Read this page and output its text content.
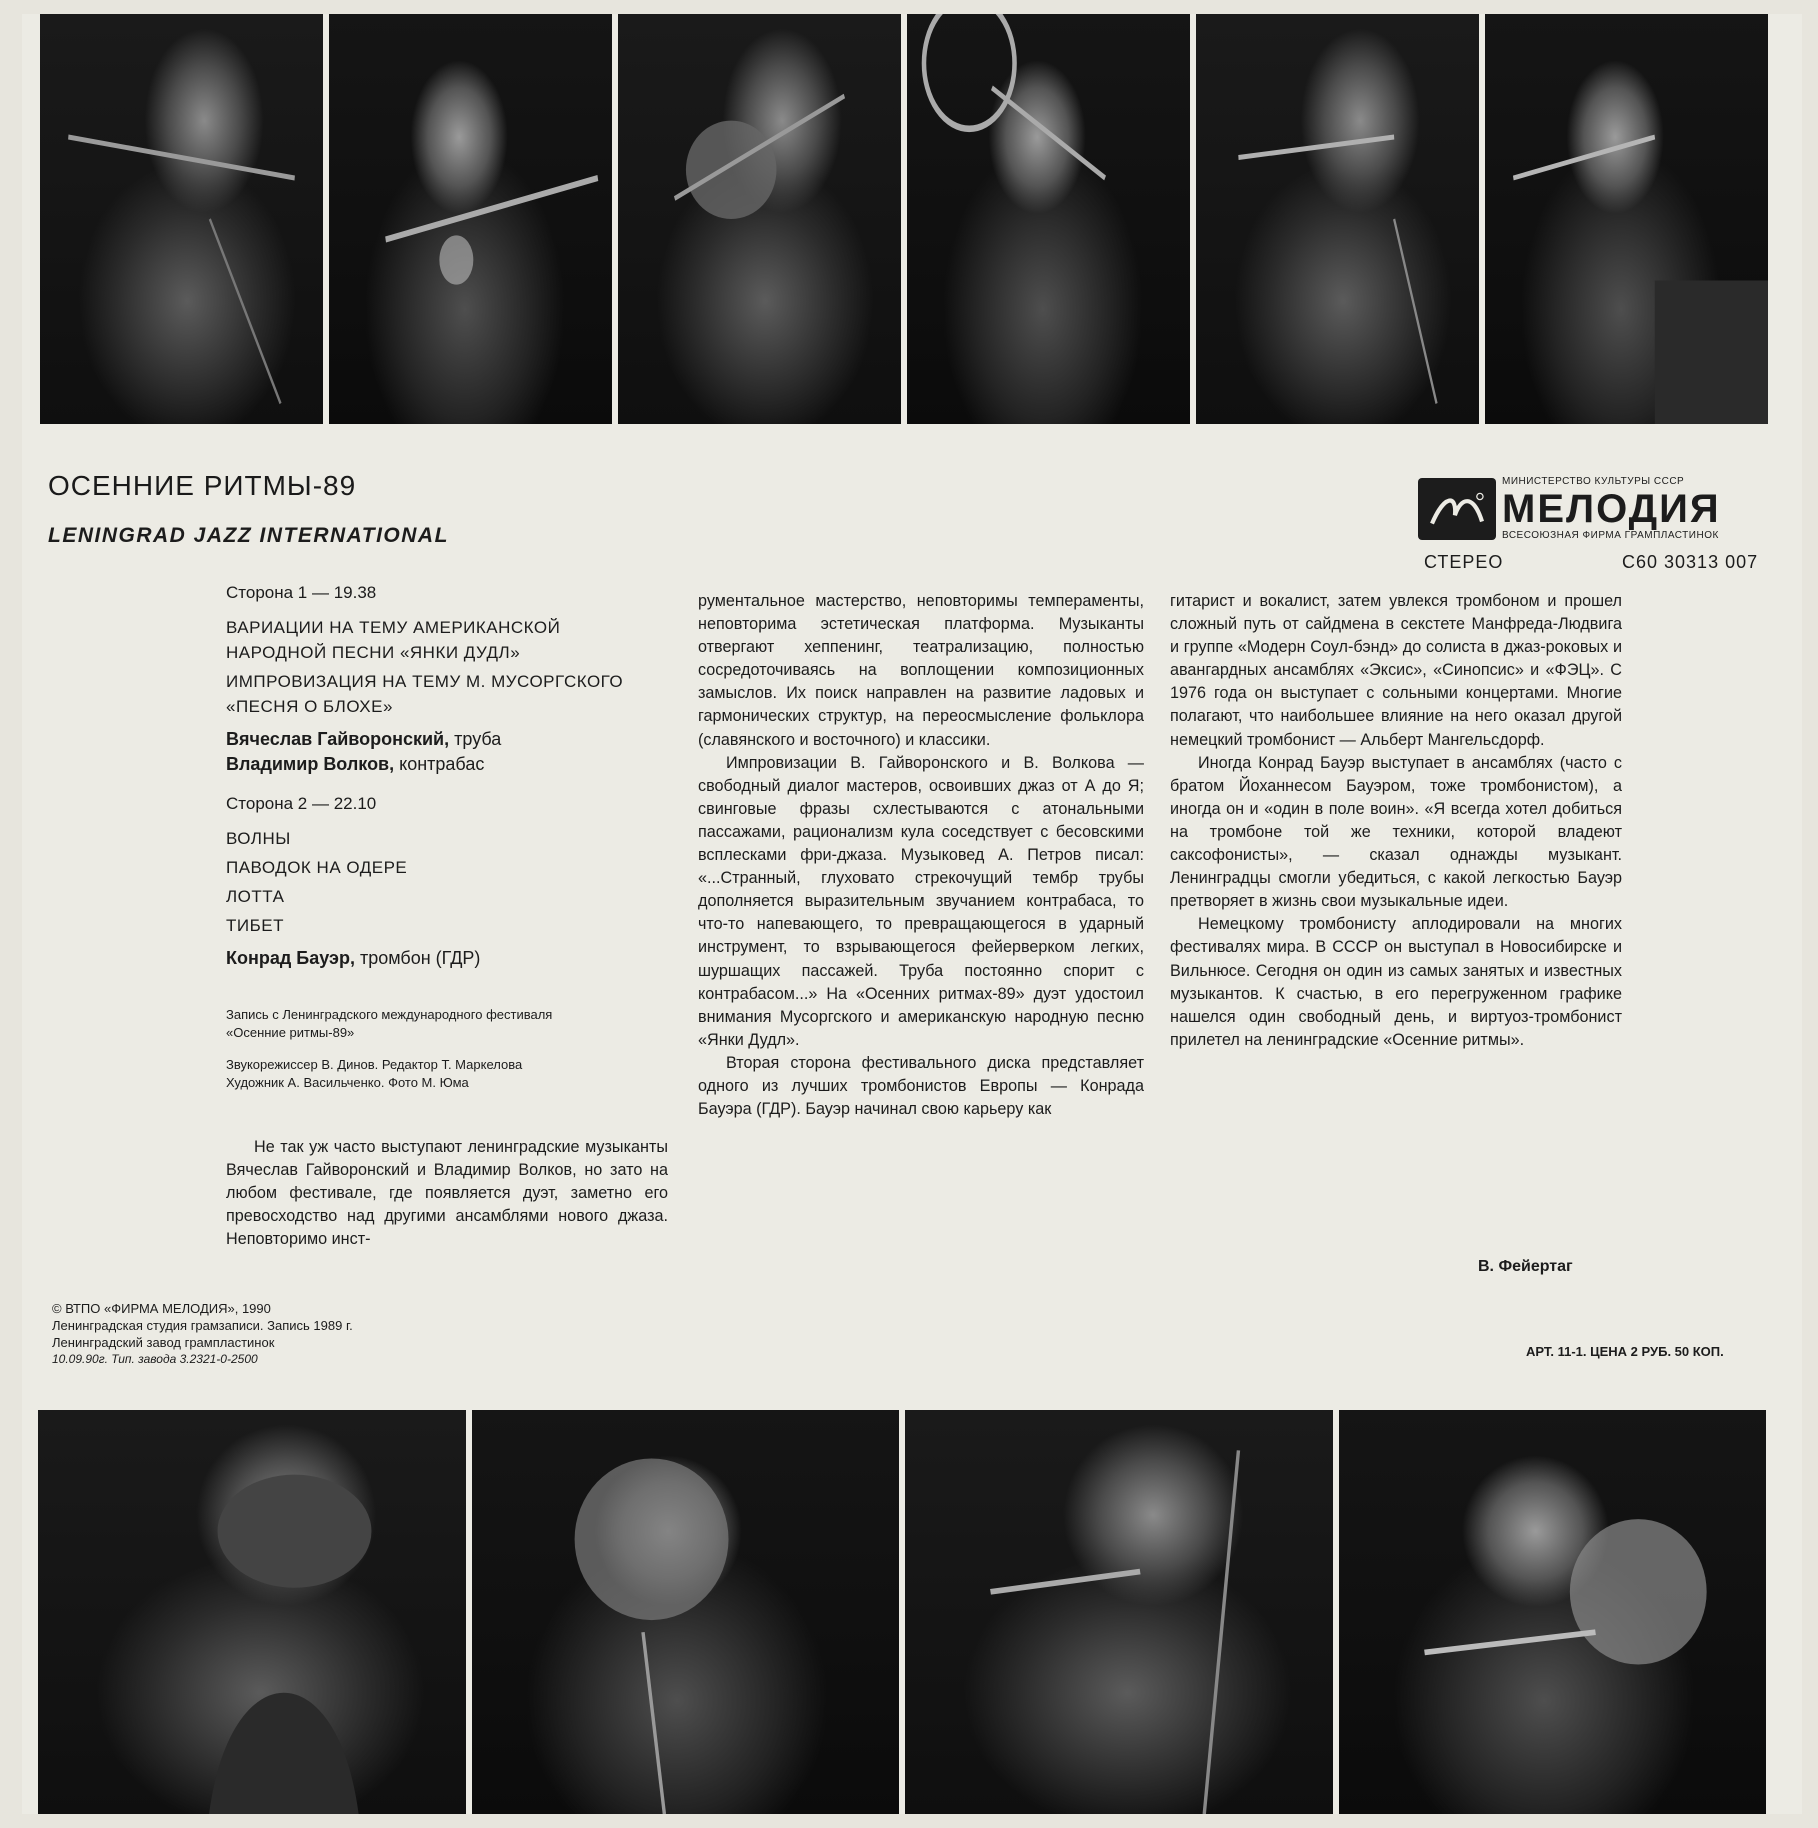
ОСЕННИЕ РИТМЫ-89
LENINGRAD JAZZ INTERNATIONAL
МИНИСТЕРСТВО КУЛЬТУРЫ СССР
МЕЛОДИЯ
ВСЕСОЮЗНАЯ ФИРМА ГРАМПЛАСТИНОК
СТЕРЕО	С60 30313 007
Сторона 1 — 19.38
ВАРИАЦИИ НА ТЕМУ АМЕРИКАНСКОЙ НАРОДНОЙ ПЕСНИ «ЯНКИ ДУДЛ»
ИМПРОВИЗАЦИЯ НА ТЕМУ М. МУСОРГСКОГО «ПЕСНЯ О БЛОХЕ»
Вячеслав Гайворонский, труба
Владимир Волков, контрабас
Сторона 2 — 22.10
ВОЛНЫ
ПАВОДОК НА ОДЕРЕ
ЛОТТА
ТИБЕТ
Конрад Бауэр, тромбон (ГДР)
Запись с Ленинградского международного фестиваля «Осенние ритмы-89»
Звукорежиссер В. Динов. Редактор Т. Маркелова
Художник А. Васильченко. Фото М. Юма

Не так уж часто выступают ленинградские музыканты Вячеслав Гайворонский и Владимир Волков, но зато на любом фестивале, где появляется дуэт, заметно его превосходство над другими ансамблями нового джаза. Неповторимо инст-

рументальное мастерство, неповторимы темпераменты, неповторима эстетическая платформа. Музыканты отвергают хеппенинг, театрализацию, полностью сосредоточиваясь на воплощении композиционных замыслов. Их поиск направлен на развитие ладовых и гармонических структур, на переосмысление фольклора (славянского и восточного) и классики.

Импровизации В. Гайворонского и В. Волкова — свободный диалог мастеров, освоивших джаз от А до Я; свинговые фразы схлестываются с атональными пассажами, рационализм кула соседствует с бесовскими всплесками фри-джаза. Музыковед А. Петров писал: «...Странный, глуховато стрекочущий тембр трубы дополняется выразительным звучанием контрабаса, то что-то напевающего, то превращающегося в ударный инструмент, то взрывающегося фейерверком легких, шуршащих пассажей. Труба постоянно спорит с контрабасом...» На «Осенних ритмах-89» дуэт удостоил внимания Мусоргского и американскую народную песню «Янки Дудл».

Вторая сторона фестивального диска представляет одного из лучших тромбонистов Европы — Конрада Бауэра (ГДР). Бауэр начинал свою карьеру как

гитарист и вокалист, затем увлекся тромбоном и прошел сложный путь от сайдмена в секстете Манфреда-Людвига и группе «Модерн Соул-бэнд» до солиста в джаз-роковых и авангардных ансамблях «Эксис», «Синопсис» и «ФЭЦ». С 1976 года он выступает с сольными концертами. Многие полагают, что наибольшее влияние на него оказал другой немецкий тромбонист — Альберт Мангельсдорф.

Иногда Конрад Бауэр выступает в ансамблях (часто с братом Йоханнесом Бауэром, тоже тромбонистом), а иногда он и «один в поле воин». «Я всегда хотел добиться на тромбоне той же техники, которой владеют саксофонисты», — сказал однажды музыкант. Ленинградцы смогли убедиться, с какой легкостью Бауэр претворяет в жизнь свои музыкальные идеи.

Немецкому тромбонисту аплодировали на многих фестивалях мира. В СССР он выступал в Новосибирске и Вильнюсе. Сегодня он один из самых занятых и известных музыкантов. К счастью, в его перегруженном графике нашелся один свободный день, и виртуоз-тромбонист прилетел на ленинградские «Осенние ритмы».

В. Фейертаг
© ВТПО «ФИРМА МЕЛОДИЯ», 1990
Ленинградская студия грамзаписи. Запись 1989 г.
Ленинградский завод грампластинок
10.09.90г. Тип. завода 3.2321-0-2500	АРТ. 11-1. ЦЕНА 2 РУБ. 50 КОП.
